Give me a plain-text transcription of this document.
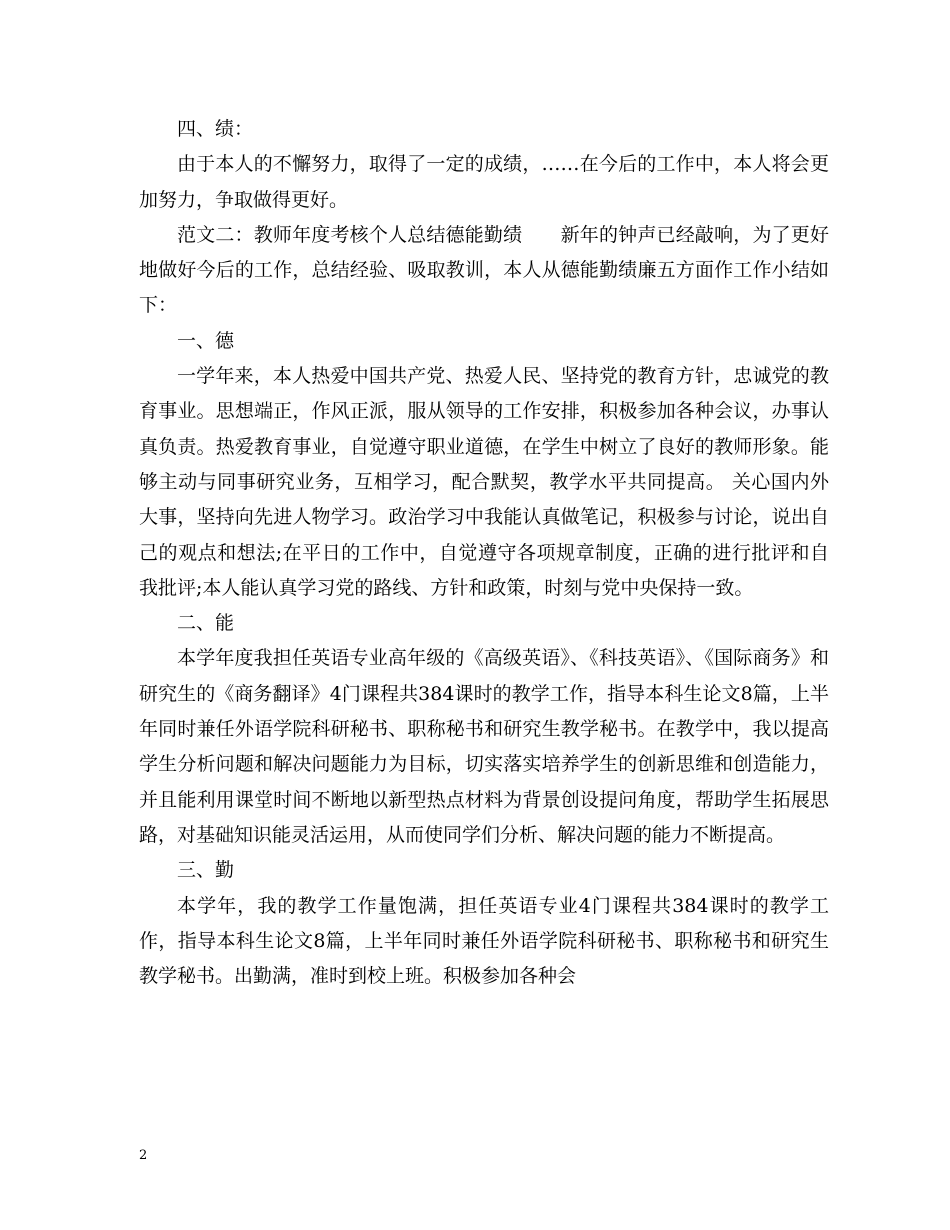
四、绩：

由于本人的不懈努力，取得了一定的成绩，……在今后的工作中，本人将会更加努力，争取做得更好。

范文二：教师年度考核个人总结德能勤绩　　新年的钟声已经敲响，为了更好地做好今后的工作，总结经验、吸取教训，本人从德能勤绩廉五方面作工作小结如下：

一、德

一学年来，本人热爱中国共产党、热爱人民、坚持党的教育方针，忠诚党的教育事业。思想端正，作风正派，服从领导的工作安排，积极参加各种会议，办事认真负责。热爱教育事业，自觉遵守职业道德，在学生中树立了良好的教师形象。能够主动与同事研究业务，互相学习，配合默契，教学水平共同提高。 关心国内外大事，坚持向先进人物学习。政治学习中我能认真做笔记，积极参与讨论，说出自己的观点和想法;在平日的工作中，自觉遵守各项规章制度，正确的进行批评和自我批评;本人能认真学习党的路线、方针和政策，时刻与党中央保持一致。

二、能

本学年度我担任英语专业高年级的《高级英语》、《科技英语》、《国际商务》和研究生的《商务翻译》4门课程共384课时的教学工作，指导本科生论文8篇，上半年同时兼任外语学院科研秘书、职称秘书和研究生教学秘书。在教学中，我以提高学生分析问题和解决问题能力为目标，切实落实培养学生的创新思维和创造能力，并且能利用课堂时间不断地以新型热点材料为背景创设提问角度，帮助学生拓展思路，对基础知识能灵活运用，从而使同学们分析、解决问题的能力不断提高。

三、勤

本学年，我的教学工作量饱满，担任英语专业4门课程共384课时的教学工作，指导本科生论文8篇，上半年同时兼任外语学院科研秘书、职称秘书和研究生教学秘书。出勤满，准时到校上班。积极参加各种会

2
